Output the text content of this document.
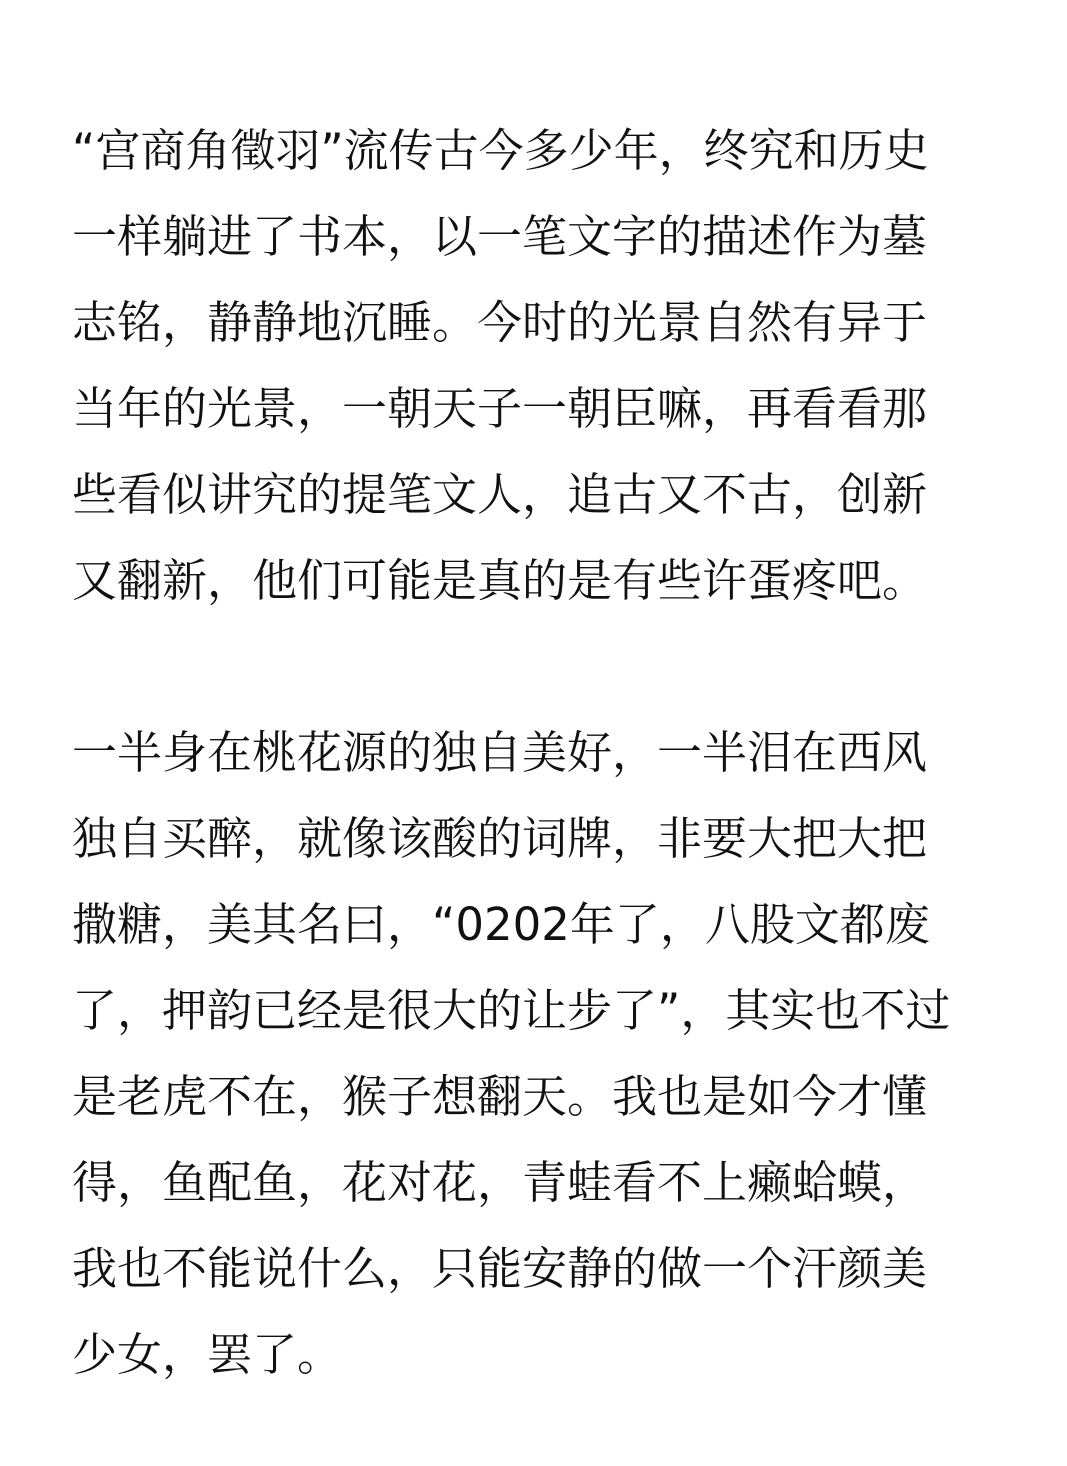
“宫商角徵羽”流传古今多少年，终究和历史
一样躺进了书本，以一笔文字的描述作为墓
志铭，静静地沉睡。今时的光景自然有异于
当年的光景，一朝天子一朝臣嘛，再看看那
些看似讲究的提笔文人，追古又不古，创新
又翻新，他们可能是真的是有些许蛋疼吧。

一半身在桃花源的独自美好，一半泪在西风
独自买醉，就像该酸的词牌，非要大把大把
撒糖，美其名曰，“0202年了，八股文都废
了，押韵已经是很大的让步了”，其实也不过
是老虎不在，猴子想翻天。我也是如今才懂
得，鱼配鱼，花对花，青蛙看不上癞蛤蟆，
我也不能说什么，只能安静的做一个汗颜美
少女，罢了。
